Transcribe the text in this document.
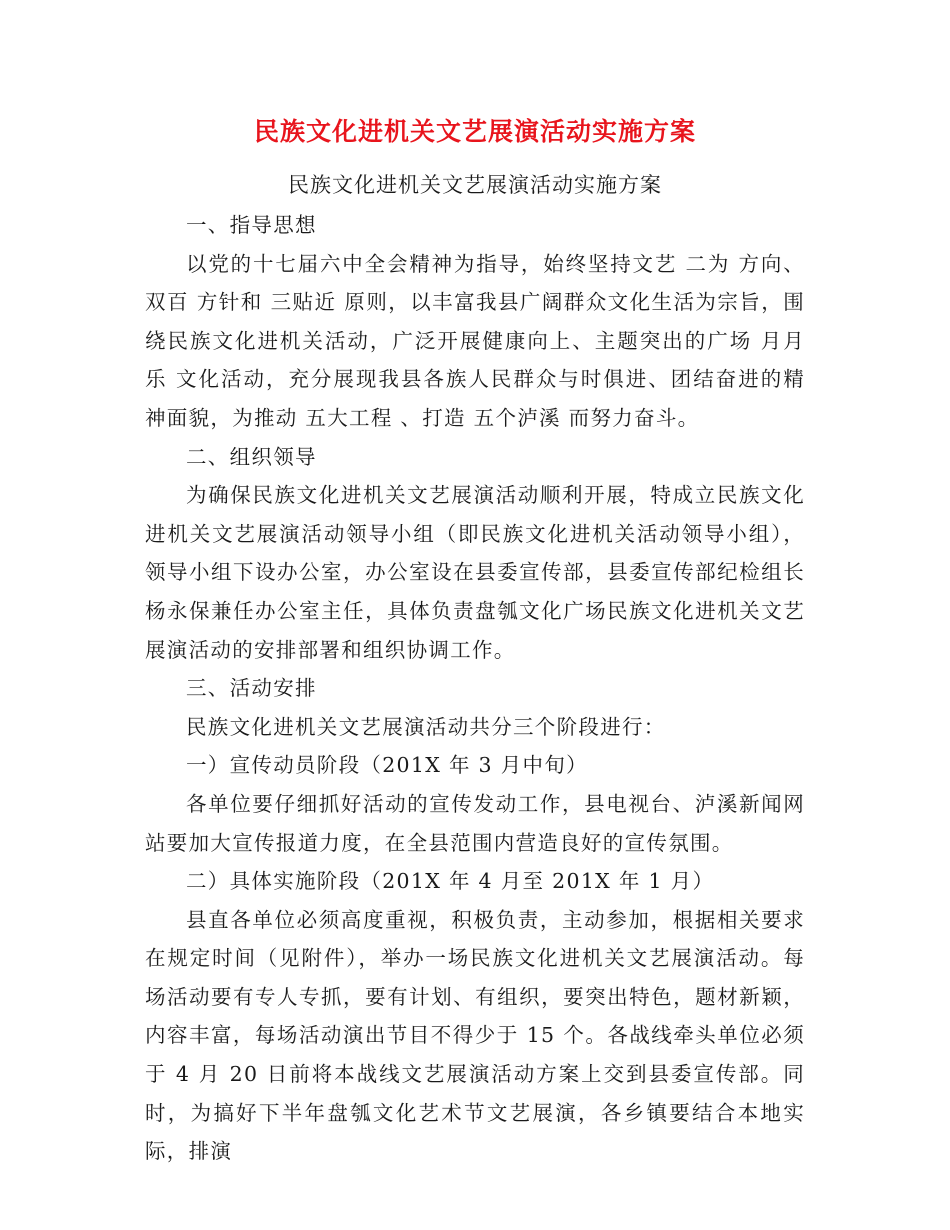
民族文化进机关文艺展演活动实施方案
民族文化进机关文艺展演活动实施方案

一、指导思想

以党的十七届六中全会精神为指导，始终坚持文艺 二为 方向、双百 方针和 三贴近 原则，以丰富我县广阔群众文化生活为宗旨，围绕民族文化进机关活动，广泛开展健康向上、主题突出的广场 月月乐 文化活动，充分展现我县各族人民群众与时俱进、团结奋进的精神面貌，为推动 五大工程 、打造 五个泸溪 而努力奋斗。

二、组织领导

为确保民族文化进机关文艺展演活动顺利开展，特成立民族文化进机关文艺展演活动领导小组（即民族文化进机关活动领导小组），领导小组下设办公室，办公室设在县委宣传部，县委宣传部纪检组长杨永保兼任办公室主任，具体负责盘瓠文化广场民族文化进机关文艺展演活动的安排部署和组织协调工作。

三、活动安排

民族文化进机关文艺展演活动共分三个阶段进行：

一）宣传动员阶段（201X 年 3 月中旬）

各单位要仔细抓好活动的宣传发动工作，县电视台、泸溪新闻网站要加大宣传报道力度，在全县范围内营造良好的宣传氛围。

二）具体实施阶段（201X 年 4 月至 201X 年 1 月）

县直各单位必须高度重视，积极负责，主动参加，根据相关要求在规定时间（见附件），举办一场民族文化进机关文艺展演活动。每场活动要有专人专抓，要有计划、有组织，要突出特色，题材新颖，内容丰富，每场活动演出节目不得少于 15 个。各战线牵头单位必须于 4 月 20 日前将本战线文艺展演活动方案上交到县委宣传部。同时，为搞好下半年盘瓠文化艺术节文艺展演，各乡镇要结合本地实际，排演
